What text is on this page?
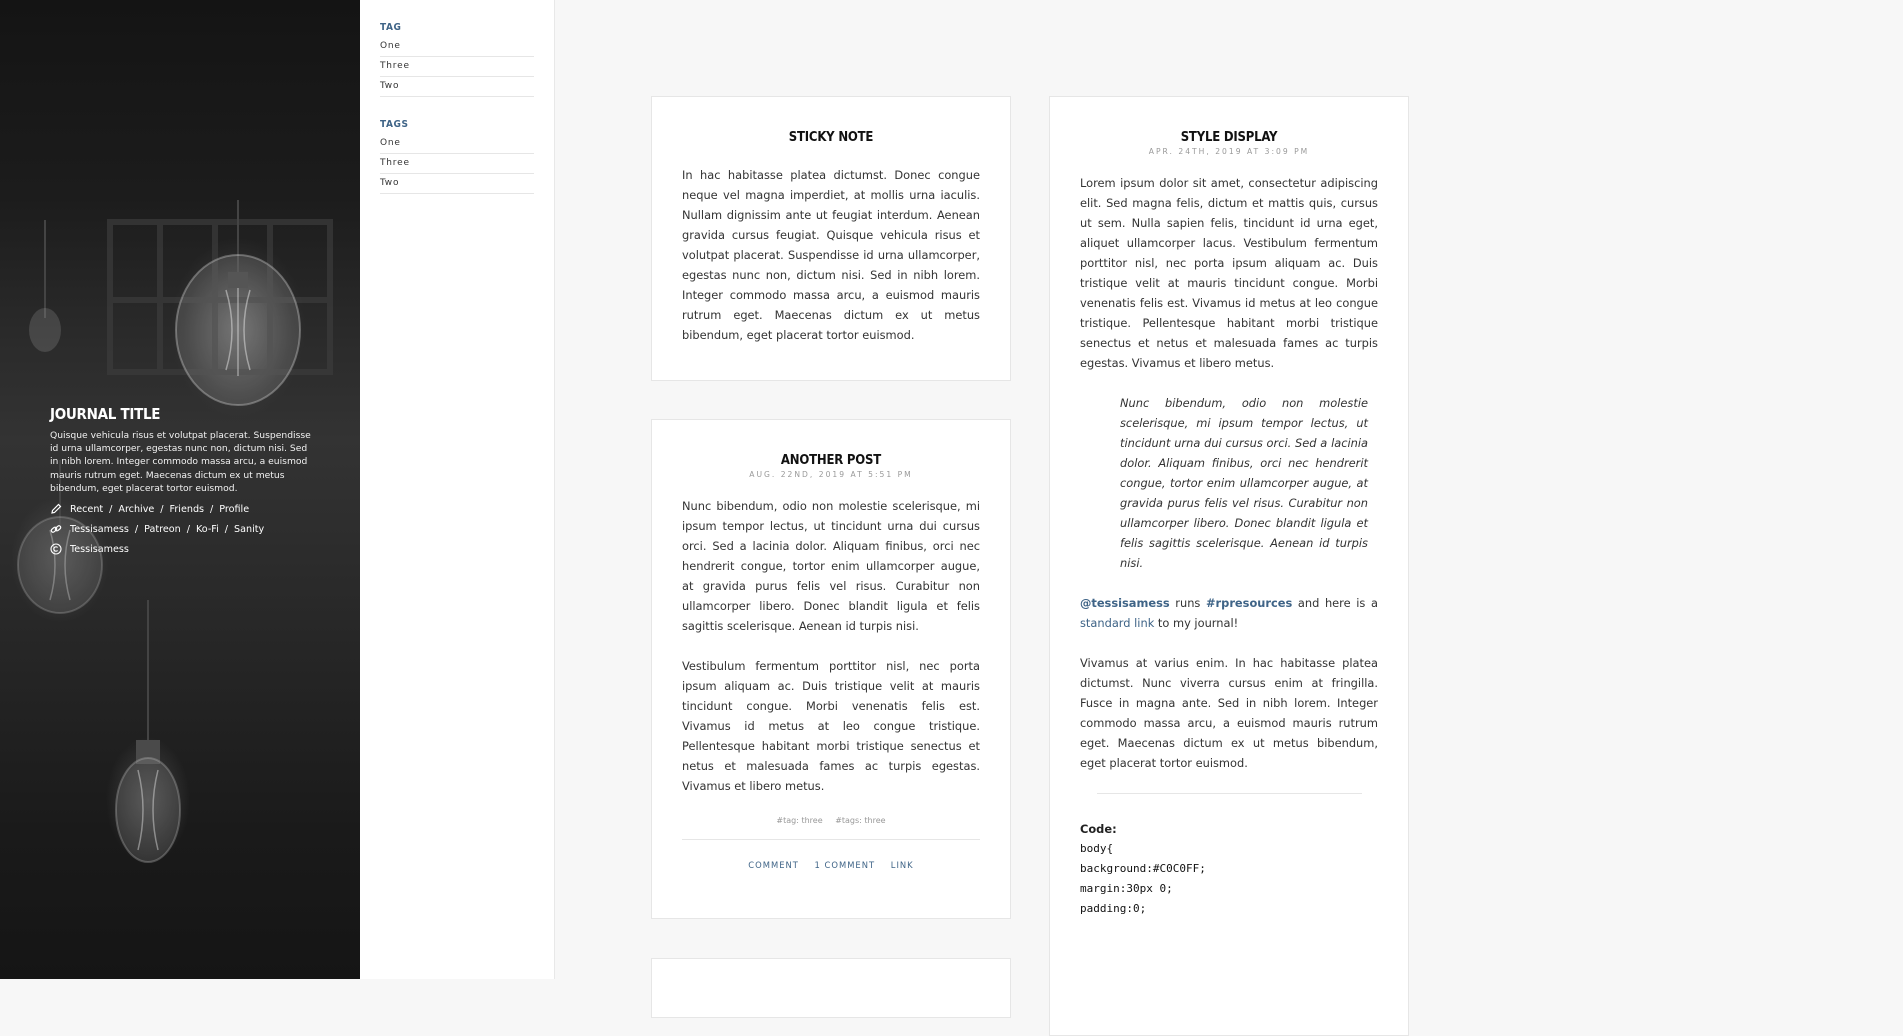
JOURNAL TITLE
Quisque vehicula risus et volutpat placerat. Suspendisse id urna ullamcorper, egestas nunc non, dictum nisi. Sed in nibh lorem. Integer commodo massa arcu, a euismod mauris rutrum eget. Maecenas dictum ex ut metus bibendum, eget placerat tortor euismod.
Recent / Archive / Friends / Profile
Tessisamess / Patreon / Ko-Fi / Sanity
Tessisamess
TAG
One
Three
Two
TAGS
One
Three
Two
STICKY NOTE

In hac habitasse platea dictumst. Donec congue neque vel magna imperdiet, at mollis urna iaculis. Nullam dignissim ante ut feugiat interdum. Aenean gravida cursus feugiat. Quisque vehicula risus et volutpat placerat. Suspendisse id urna ullamcorper, egestas nunc non, dictum nisi. Sed in nibh lorem. Integer commodo massa arcu, a euismod mauris rutrum eget. Maecenas dictum ex ut metus bibendum, eget placerat tortor euismod.

ANOTHER POST
AUG. 22ND, 2019 AT 5:51 PM

Nunc bibendum, odio non molestie scelerisque, mi ipsum tempor lectus, ut tincidunt urna dui cursus orci. Sed a lacinia dolor. Aliquam finibus, orci nec hendrerit congue, tortor enim ullamcorper augue, at gravida purus felis vel risus. Curabitur non ullamcorper libero. Donec blandit ligula et felis sagittis scelerisque. Aenean id turpis nisi.

Vestibulum fermentum porttitor nisl, nec porta ipsum aliquam ac. Duis tristique velit at mauris tincidunt congue. Morbi venenatis felis est. Vivamus id metus at leo congue tristique. Pellentesque habitant morbi tristique senectus et netus et malesuada fames ac turpis egestas. Vivamus et libero metus.

#tag: three #tags: three
COMMENT 1 COMMENT LINK
STYLE DISPLAY
APR. 24TH, 2019 AT 3:09 PM

Lorem ipsum dolor sit amet, consectetur adipiscing elit. Sed magna felis, dictum et mattis quis, cursus ut sem. Nulla sapien felis, tincidunt id urna eget, aliquet ullamcorper lacus. Vestibulum fermentum porttitor nisl, nec porta ipsum aliquam ac. Duis tristique velit at mauris tincidunt congue. Morbi venenatis felis est. Vivamus id metus at leo congue tristique. Pellentesque habitant morbi tristique senectus et netus et malesuada fames ac turpis egestas. Vivamus et libero metus.

Nunc bibendum, odio non molestie scelerisque, mi ipsum tempor lectus, ut tincidunt urna dui cursus orci. Sed a lacinia dolor. Aliquam finibus, orci nec hendrerit congue, tortor enim ullamcorper augue, at gravida purus felis vel risus. Curabitur non ullamcorper libero. Donec blandit ligula et felis sagittis scelerisque. Aenean id turpis nisi.

@tessisamess runs #rpresources and here is a standard link to my journal!

Vivamus at varius enim. In hac habitasse platea dictumst. Nunc viverra cursus enim at fringilla. Fusce in magna ante. Sed in nibh lorem. Integer commodo massa arcu, a euismod mauris rutrum eget. Maecenas dictum ex ut metus bibendum, eget placerat tortor euismod.

Code:
body{
background:#C0C0FF;
margin:30px 0;
padding:0;
